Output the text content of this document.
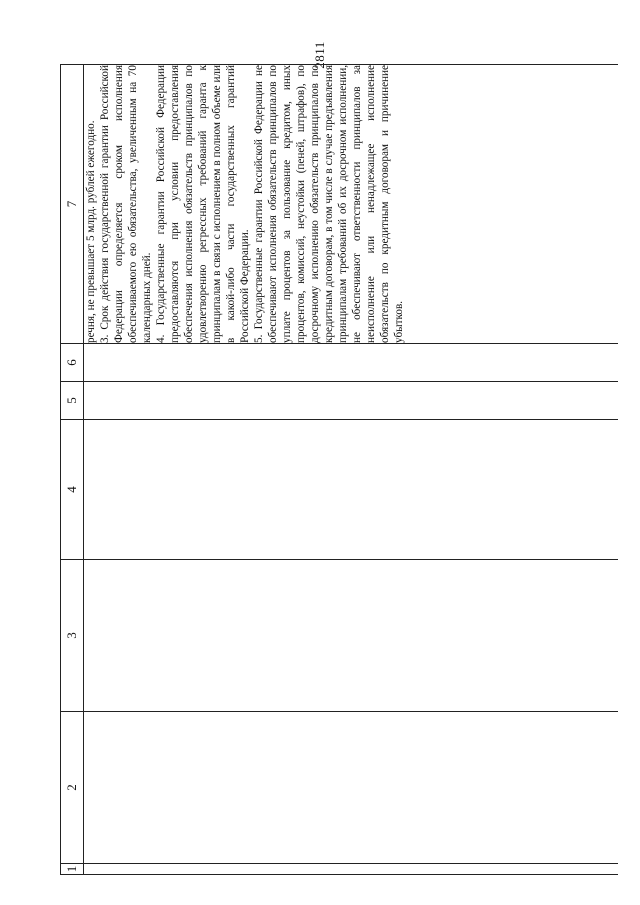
2811
1	2	3	4	5	6	7

						речня, не превышает 5 млрд. рублей ежегодно. 3. Срок действия государственной гарантии Российской Федерации определяется сроком исполнения обеспечиваемого ею обязательства, увеличенным на 70 календарных дней. 4. Государственные гарантии Российской Федерации предоставляются при условии предоставления обеспечения исполнения обязательств принципалов по удовлетворению регрессных требований гаранта к принципалам в связи с исполнением в полном объеме или в какой-либо части государственных гарантий Российской Федерации. 5. Государственные гарантии Российской Федерации не обеспечивают исполнения обязательств принципалов по уплате процентов за пользование кредитом, иных процентов, комиссий, неустойки (пеней, штрафов), по досрочному исполнению обязательств принципалов по кредитным договорам, в том числе в случае предъявления принципалам требований об их досрочном исполнении, не обеспечивают ответственности принципалов за неисполнение или ненадлежащее исполнение обязательств по кредитным договорам и причинение убытков.
